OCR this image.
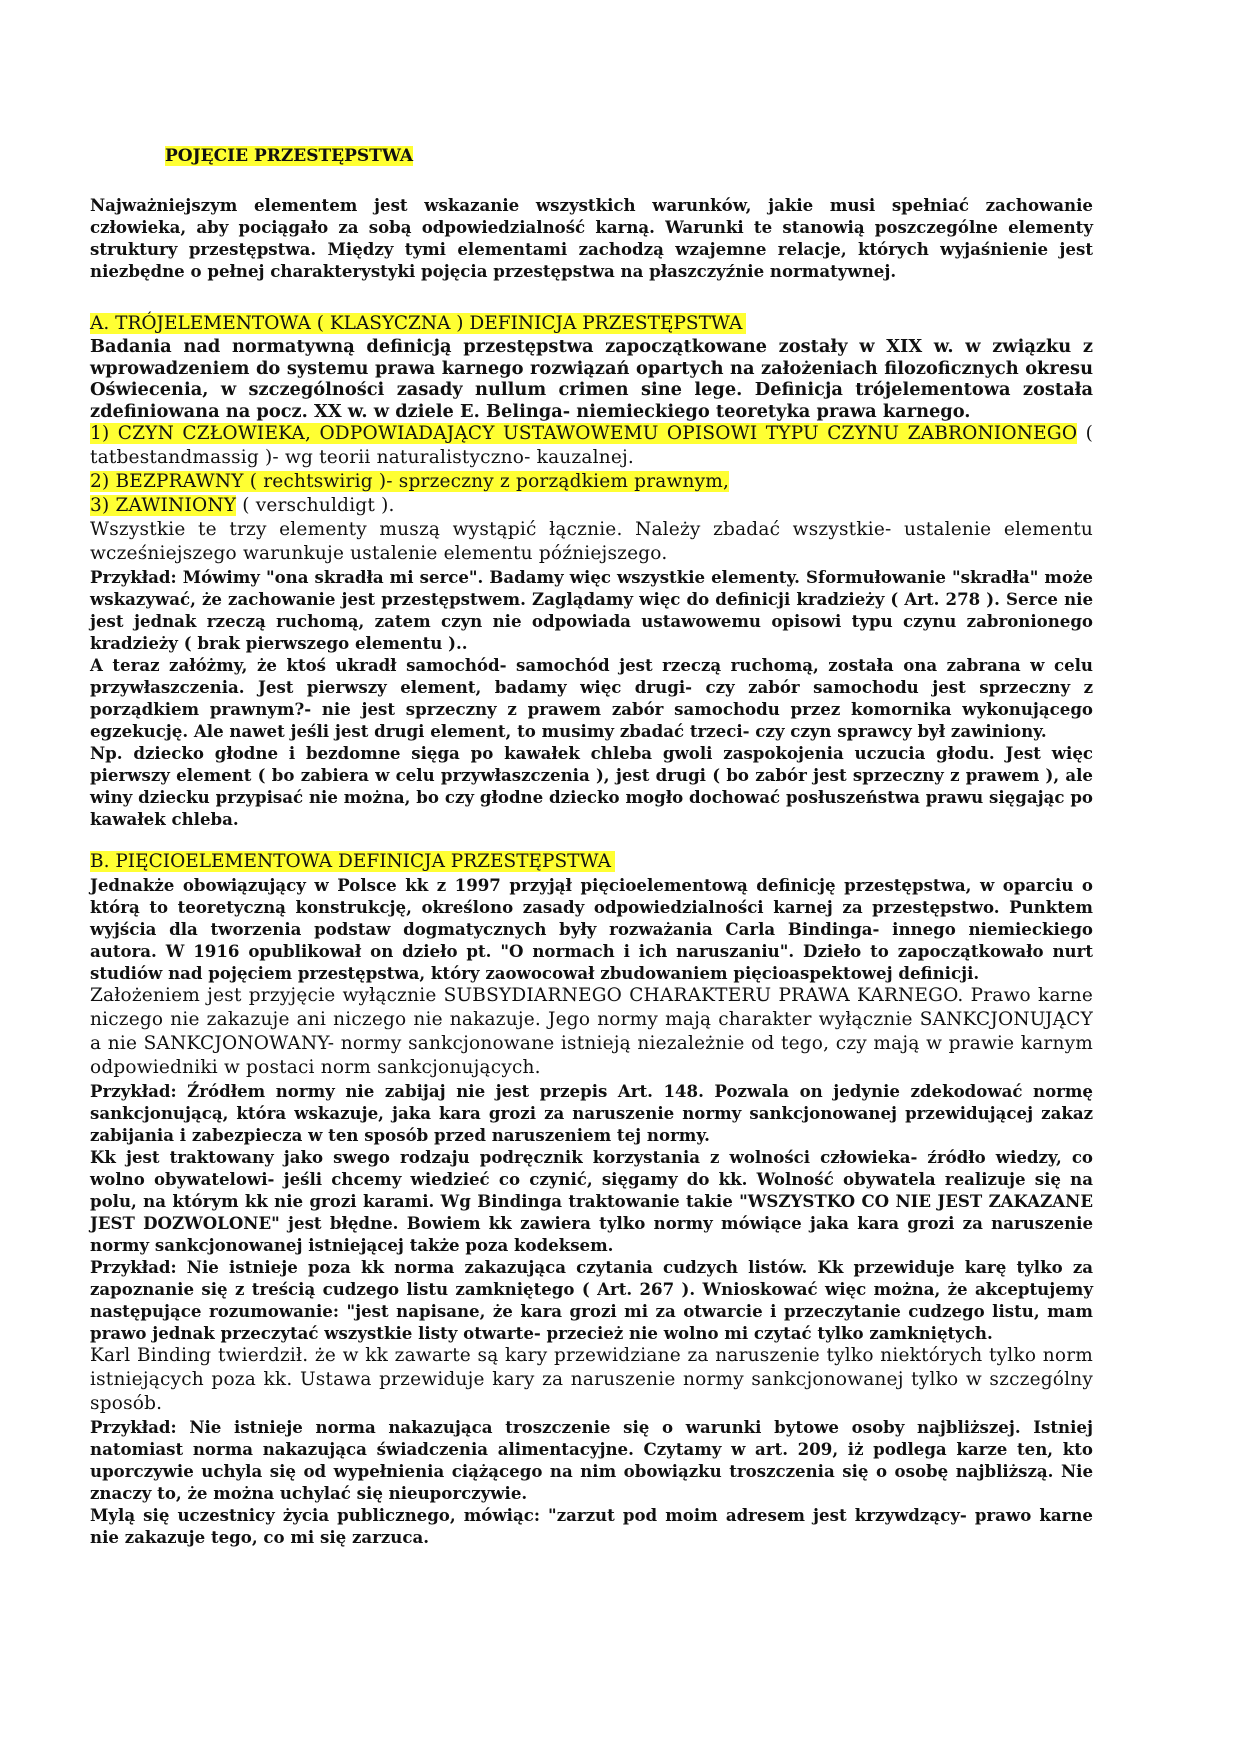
POJĘCIE PRZESTĘPSTWA

Najważniejszym elementem jest wskazanie wszystkich warunków, jakie musi spełniać zachowanie człowieka, aby pociągało za sobą odpowiedzialność karną. Warunki te stanowią poszczególne elementy struktury przestępstwa. Między tymi elementami zachodzą wzajemne relacje, których wyjaśnienie jest niezbędne o pełnej charakterystyki pojęcia przestępstwa na płaszczyźnie normatywnej.

A. TRÓJELEMENTOWA ( KLASYCZNA ) DEFINICJA PRZESTĘPSTWA

Badania nad normatywną definicją przestępstwa zapoczątkowane zostały w XIX w. w związku z wprowadzeniem do systemu prawa karnego rozwiązań opartych na założeniach filozoficznych okresu Oświecenia, w szczególności zasady nullum crimen sine lege. Definicja trójelementowa została zdefiniowana na pocz. XX w. w dziele E. Belinga- niemieckiego teoretyka prawa karnego.

1) CZYN CZŁOWIEKA, ODPOWIADAJĄCY USTAWOWEMU OPISOWI TYPU CZYNU ZABRONIONEGO ( tatbestandmassig )- wg teorii naturalistyczno- kauzalnej.

2) BEZPRAWNY ( rechtswirig )- sprzeczny z porządkiem prawnym,

3) ZAWINIONY ( verschuldigt ).

Wszystkie te trzy elementy muszą wystąpić łącznie. Należy zbadać wszystkie- ustalenie elementu wcześniejszego warunkuje ustalenie elementu późniejszego.

Przykład: Mówimy "ona skradła mi serce". Badamy więc wszystkie elementy. Sformułowanie "skradła" może wskazywać, że zachowanie jest przestępstwem. Zaglądamy więc do definicji kradzieży ( Art. 278 ). Serce nie jest jednak rzeczą ruchomą, zatem czyn nie odpowiada ustawowemu opisowi typu czynu zabronionego kradzieży ( brak pierwszego elementu )..

A teraz załóżmy, że ktoś ukradł samochód- samochód jest rzeczą ruchomą, została ona zabrana w celu przywłaszczenia. Jest pierwszy element, badamy więc drugi- czy zabór samochodu jest sprzeczny z porządkiem prawnym?- nie jest sprzeczny z prawem zabór samochodu przez komornika wykonującego egzekucję. Ale nawet jeśli jest drugi element, to musimy zbadać trzeci- czy czyn sprawcy był zawiniony.

Np. dziecko głodne i bezdomne sięga po kawałek chleba gwoli zaspokojenia uczucia głodu. Jest więc pierwszy element ( bo zabiera w celu przywłaszczenia ), jest drugi ( bo zabór jest sprzeczny z prawem ), ale winy dziecku przypisać nie można, bo czy głodne dziecko mogło dochować posłuszeństwa prawu sięgając po kawałek chleba.

B. PIĘCIOELEMENTOWA DEFINICJA PRZESTĘPSTWA

Jednakże obowiązujący w Polsce kk z 1997 przyjął pięcioelementową definicję przestępstwa, w oparciu o którą to teoretyczną konstrukcję, określono zasady odpowiedzialności karnej za przestępstwo. Punktem wyjścia dla tworzenia podstaw dogmatycznych były rozważania Carla Bindinga- innego niemieckiego autora. W 1916 opublikował on dzieło pt. "O normach i ich naruszaniu". Dzieło to zapoczątkowało nurt studiów nad pojęciem przestępstwa, który zaowocował zbudowaniem pięcioaspektowej definicji.

Założeniem jest przyjęcie wyłącznie SUBSYDIARNEGO CHARAKTERU PRAWA KARNEGO. Prawo karne niczego nie zakazuje ani niczego nie nakazuje. Jego normy mają charakter wyłącznie SANKCJONUJĄCY a nie SANKCJONOWANY- normy sankcjonowane istnieją niezależnie od tego, czy mają w prawie karnym odpowiedniki w postaci norm sankcjonujących.

Przykład: Źródłem normy nie zabijaj nie jest przepis Art. 148. Pozwala on jedynie zdekodować normę sankcjonującą, która wskazuje, jaka kara grozi za naruszenie normy sankcjonowanej przewidującej zakaz zabijania i zabezpiecza w ten sposób przed naruszeniem tej normy.

Kk jest traktowany jako swego rodzaju podręcznik korzystania z wolności człowieka- źródło wiedzy, co wolno obywatelowi- jeśli chcemy wiedzieć co czynić, sięgamy do kk. Wolność obywatela realizuje się na polu, na którym kk nie grozi karami. Wg Bindinga traktowanie takie "WSZYSTKO CO NIE JEST ZAKAZANE JEST DOZWOLONE" jest błędne. Bowiem kk zawiera tylko normy mówiące jaka kara grozi za naruszenie normy sankcjonowanej istniejącej także poza kodeksem.

Przykład: Nie istnieje poza kk norma zakazująca czytania cudzych listów. Kk przewiduje karę tylko za zapoznanie się z treścią cudzego listu zamkniętego ( Art. 267 ). Wnioskować więc można, że akceptujemy następujące rozumowanie: "jest napisane, że kara grozi mi za otwarcie i przeczytanie cudzego listu, mam prawo jednak przeczytać wszystkie listy otwarte- przecież nie wolno mi czytać tylko zamkniętych.

Karl Binding twierdził. że w kk zawarte są kary przewidziane za naruszenie tylko niektórych tylko norm istniejących poza kk. Ustawa przewiduje kary za naruszenie normy sankcjonowanej tylko w szczególny sposób.

Przykład: Nie istnieje norma nakazująca troszczenie się o warunki bytowe osoby najbliższej. Istniej natomiast norma nakazująca świadczenia alimentacyjne. Czytamy w art. 209, iż podlega karze ten, kto uporczywie uchyla się od wypełnienia ciążącego na nim obowiązku troszczenia się o osobę najbliższą. Nie znaczy to, że można uchylać się nieuporczywie.

Mylą się uczestnicy życia publicznego, mówiąc: "zarzut pod moim adresem jest krzywdzący- prawo karne nie zakazuje tego, co mi się zarzuca.
